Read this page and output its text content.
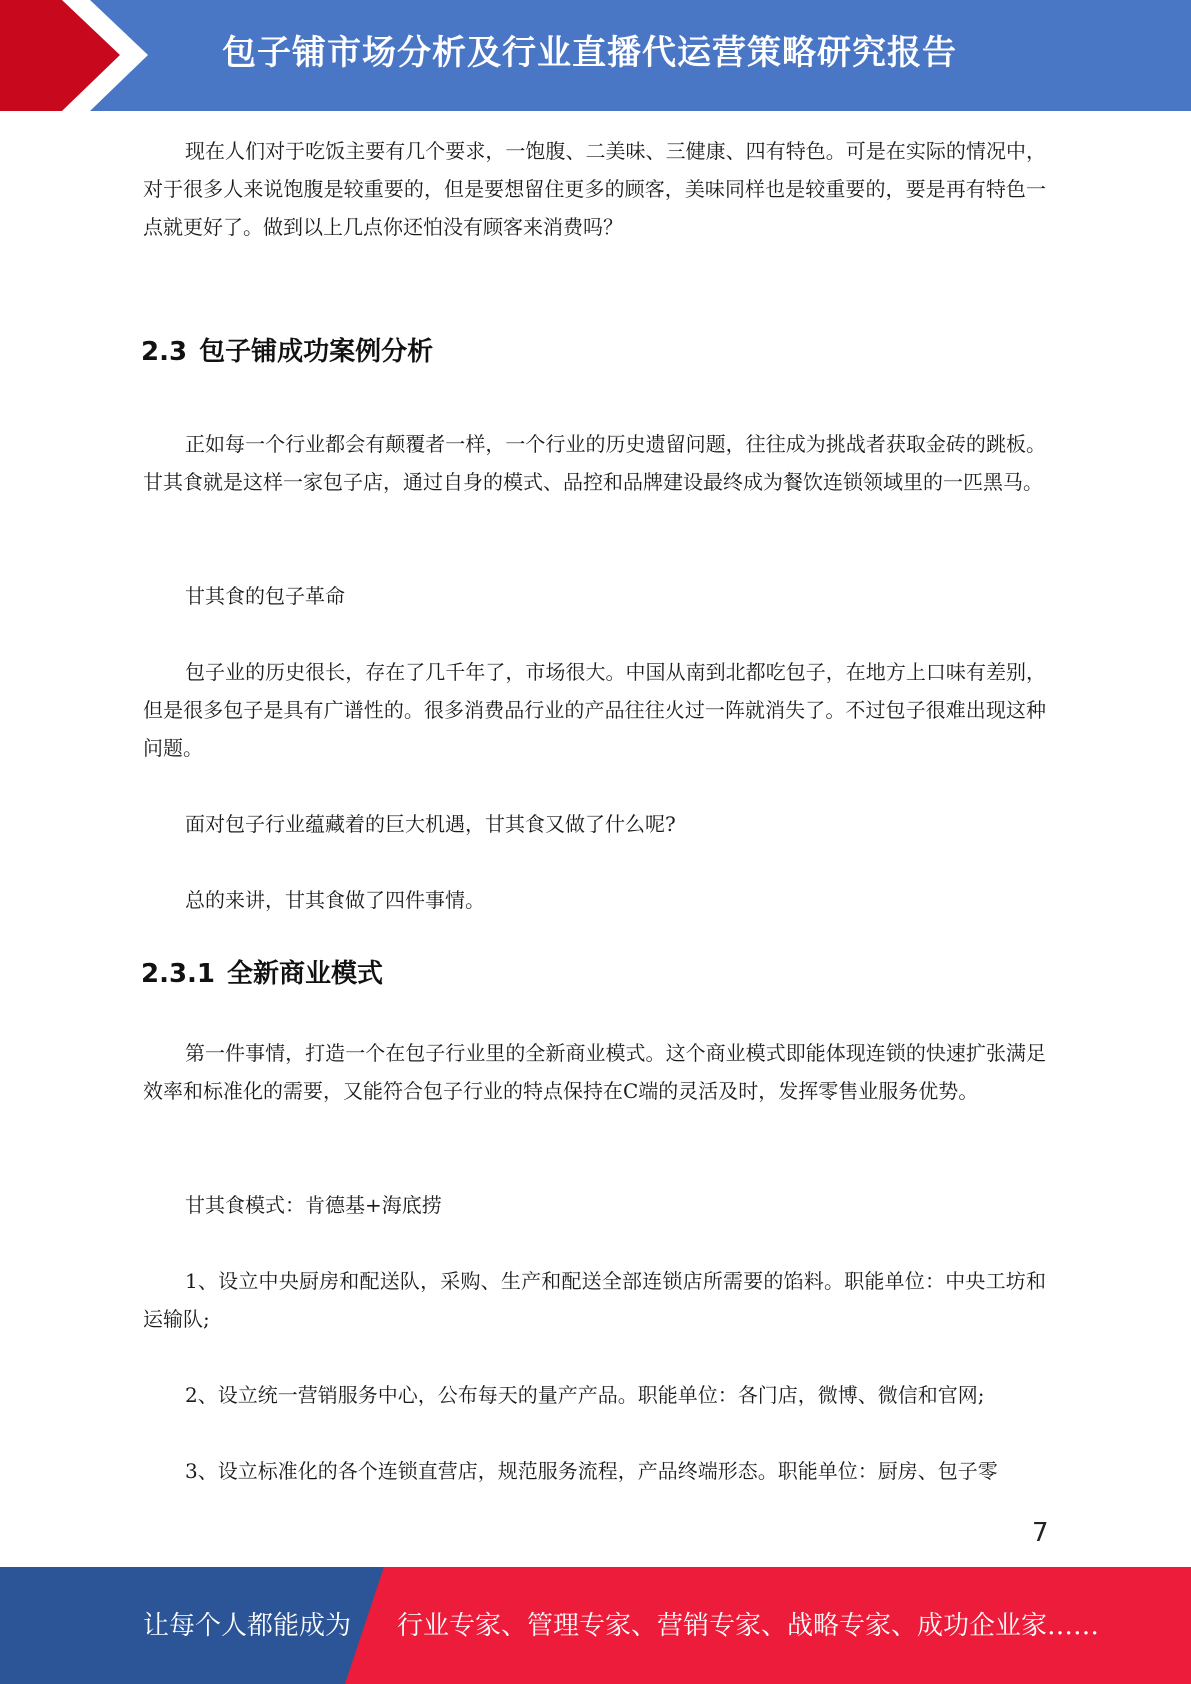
包子铺市场分析及行业直播代运营策略研究报告

现在人们对于吃饭主要有几个要求，一饱腹、二美味、三健康、四有特色。可是在实际的情况中，对于很多人来说饱腹是较重要的，但是要想留住更多的顾客，美味同样也是较重要的，要是再有特色一点就更好了。做到以上几点你还怕没有顾客来消费吗？

2.3 包子铺成功案例分析

正如每一个行业都会有颠覆者一样，一个行业的历史遗留问题，往往成为挑战者获取金砖的跳板。甘其食就是这样一家包子店，通过自身的模式、品控和品牌建设最终成为餐饮连锁领域里的一匹黑马。

甘其食的包子革命

包子业的历史很长，存在了几千年了，市场很大。中国从南到北都吃包子，在地方上口味有差别，但是很多包子是具有广谱性的。很多消费品行业的产品往往火过一阵就消失了。不过包子很难出现这种问题。

面对包子行业蕴藏着的巨大机遇，甘其食又做了什么呢?

总的来讲，甘其食做了四件事情。

2.3.1 全新商业模式

第一件事情，打造一个在包子行业里的全新商业模式。这个商业模式即能体现连锁的快速扩张满足效率和标准化的需要，又能符合包子行业的特点保持在C端的灵活及时，发挥零售业服务优势。

甘其食模式：肯德基+海底捞

1、设立中央厨房和配送队，采购、生产和配送全部连锁店所需要的馅料。职能单位：中央工坊和运输队;

2、设立统一营销服务中心，公布每天的量产产品。职能单位：各门店，微博、微信和官网;

3、设立标准化的各个连锁直营店，规范服务流程，产品终端形态。职能单位：厨房、包子零

7
让每个人都能成为 行业专家、管理专家、营销专家、战略专家、成功企业家……
